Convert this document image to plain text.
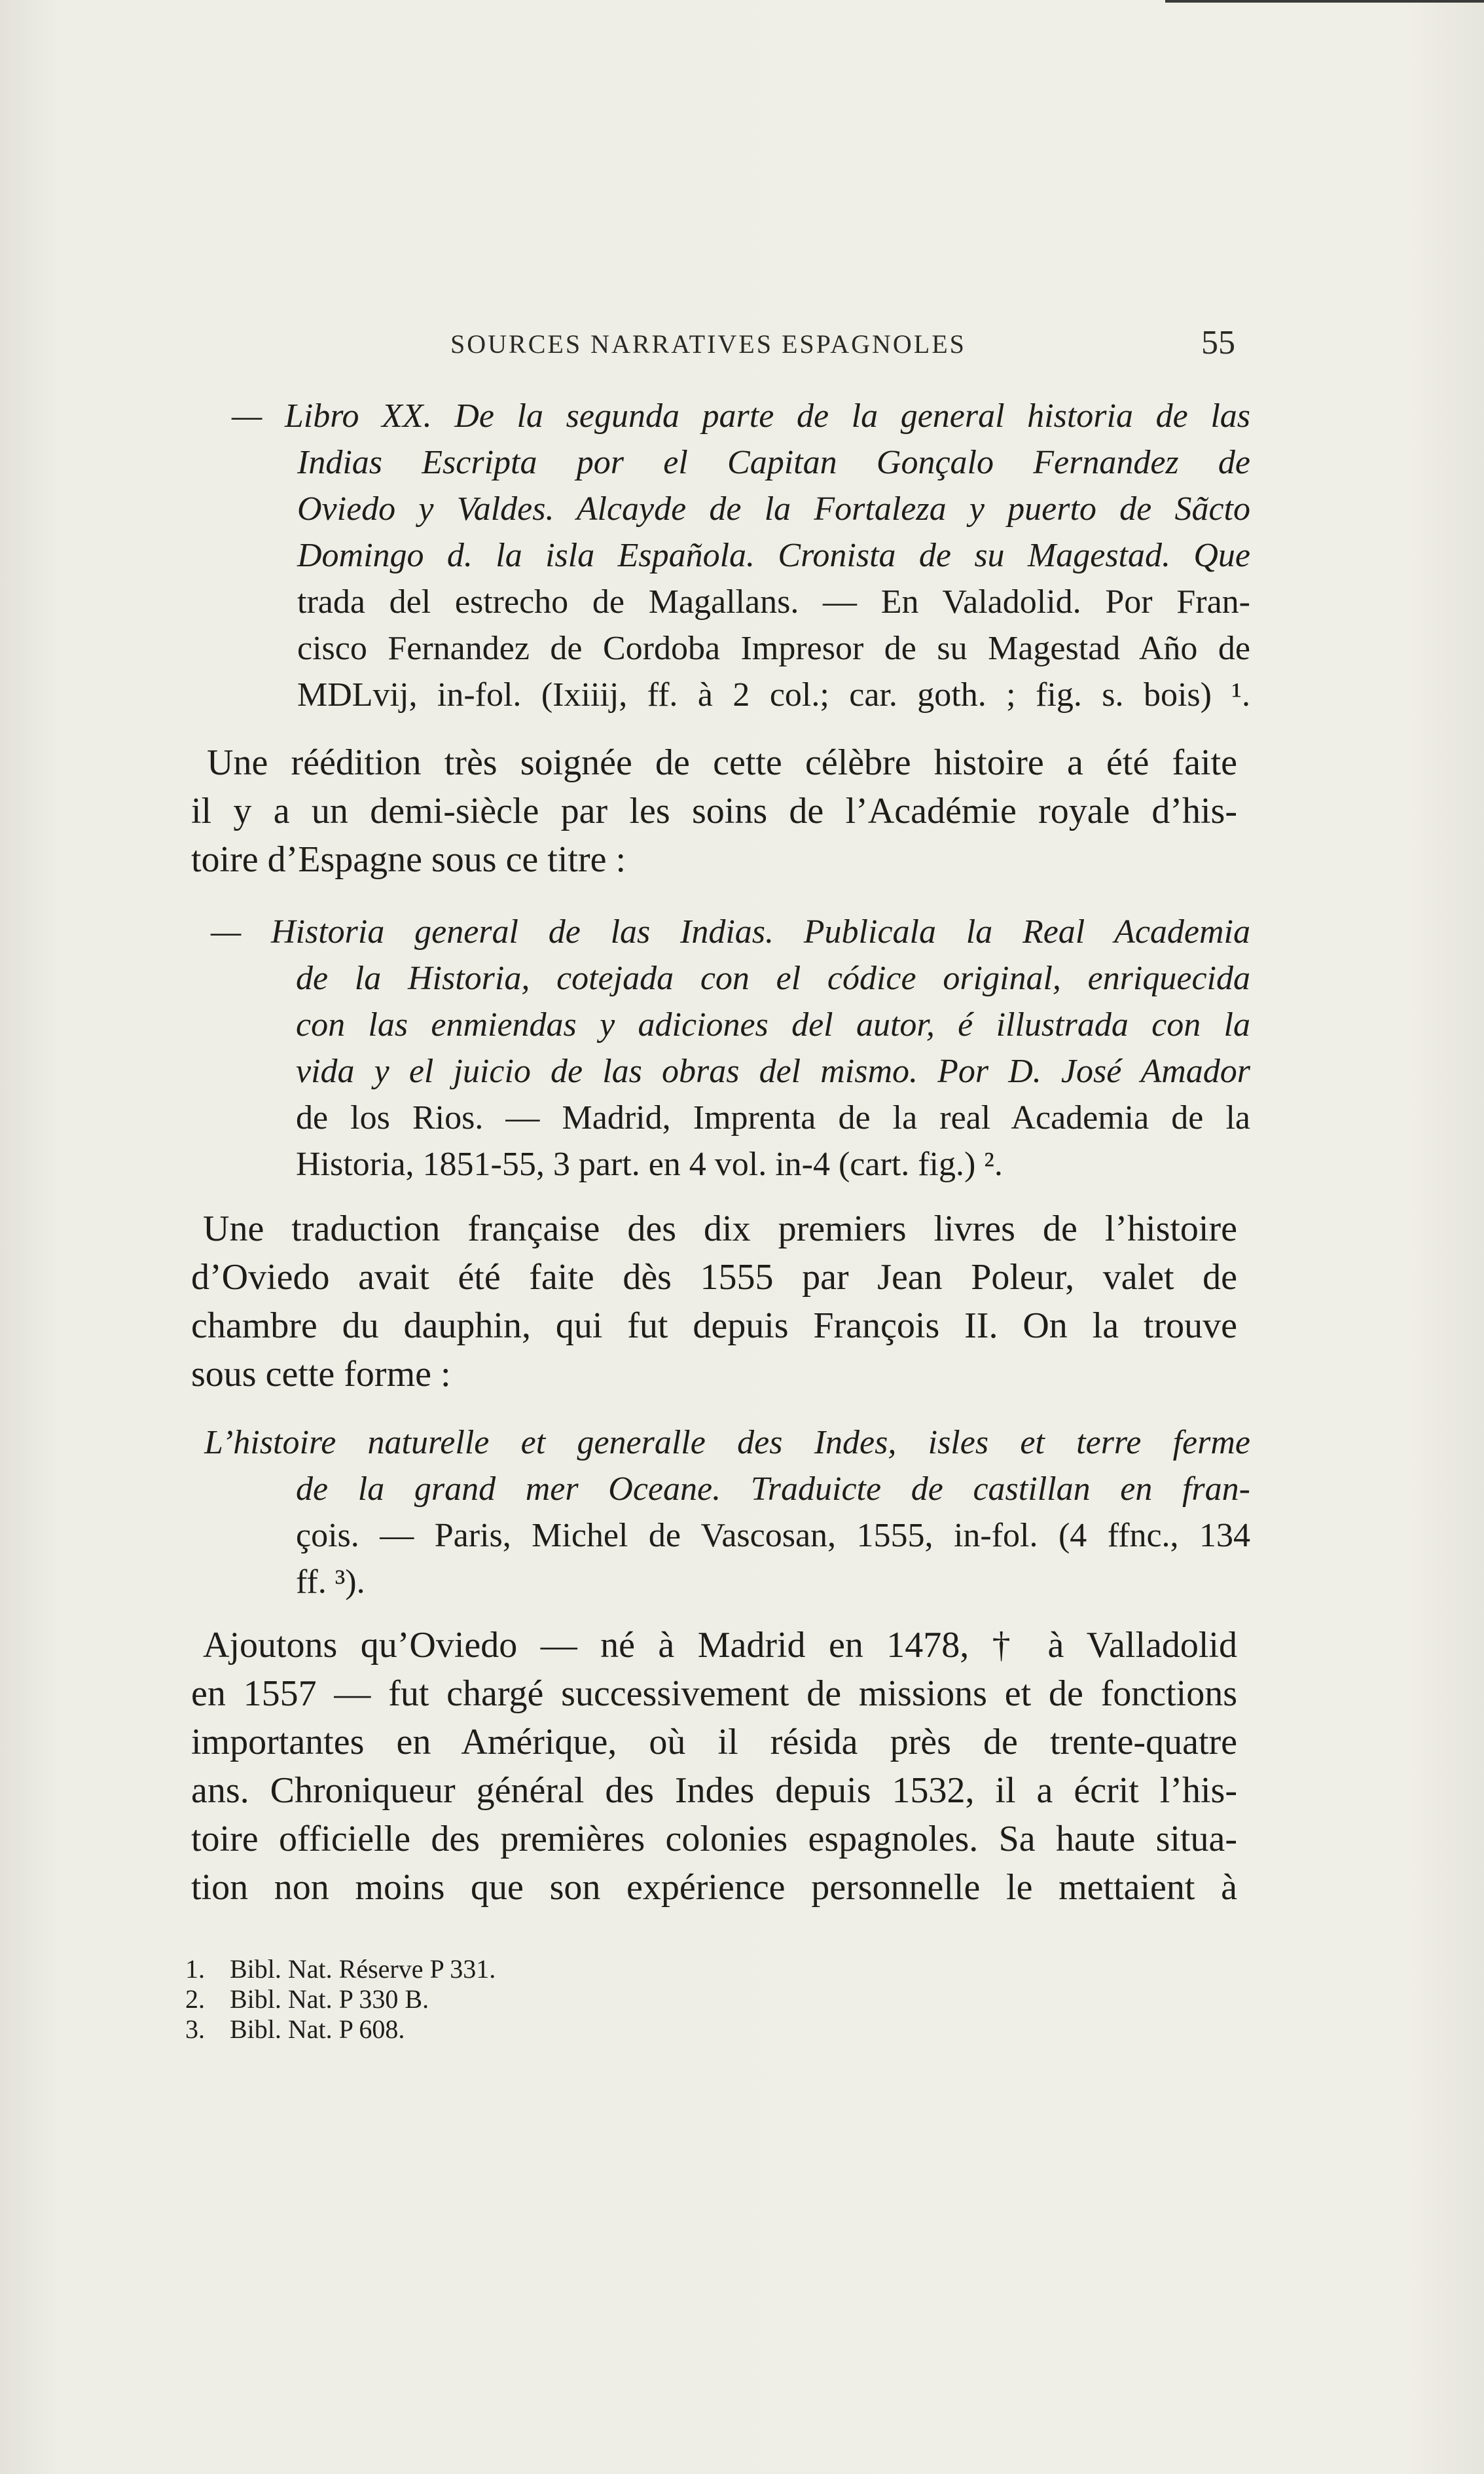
SOURCES NARRATIVES ESPAGNOLES	55
— Libro XX. De la segunda parte de la general historia de las
Indias Escripta por el Capitan Gonçalo Fernandez de
Oviedo y Valdes. Alcayde de la Fortaleza y puerto de Sãcto
Domingo d. la isla Española. Cronista de su Magestad. Que
trada del estrecho de Magallans. — En Valadolid. Por Fran-
cisco Fernandez de Cordoba Impresor de su Magestad Año de
MDLvij, in-fol. (Ixiiij, ff. à 2 col.; car. goth. ; fig. s. bois) ¹.
Une réédition très soignée de cette célèbre histoire a été faite
il y a un demi-siècle par les soins de l’Académie royale d’his-
toire d’Espagne sous ce titre :
— Historia general de las Indias. Publicala la Real Academia
de la Historia, cotejada con el códice original, enriquecida
con las enmiendas y adiciones del autor, é illustrada con la
vida y el juicio de las obras del mismo. Por D. José Amador
de los Rios. — Madrid, Imprenta de la real Academia de la
Historia, 1851-55, 3 part. en 4 vol. in-4 (cart. fig.) ².
Une traduction française des dix premiers livres de l’histoire
d’Oviedo avait été faite dès 1555 par Jean Poleur, valet de
chambre du dauphin, qui fut depuis François II. On la trouve
sous cette forme :
L’histoire naturelle et generalle des Indes, isles et terre ferme
de la grand mer Oceane. Traduicte de castillan en fran-
çois. — Paris, Michel de Vascosan, 1555, in-fol. (4 ffnc., 134
ff. ³).
Ajoutons qu’Oviedo — né à Madrid en 1478, † à Valladolid
en 1557 — fut chargé successivement de missions et de fonctions
importantes en Amérique, où il résida près de trente-quatre
ans. Chroniqueur général des Indes depuis 1532, il a écrit l’his-
toire officielle des premières colonies espagnoles. Sa haute situa-
tion non moins que son expérience personnelle le mettaient à
1. Bibl. Nat. Réserve P 331.
2. Bibl. Nat. P 330 B.
3. Bibl. Nat. P 608.
